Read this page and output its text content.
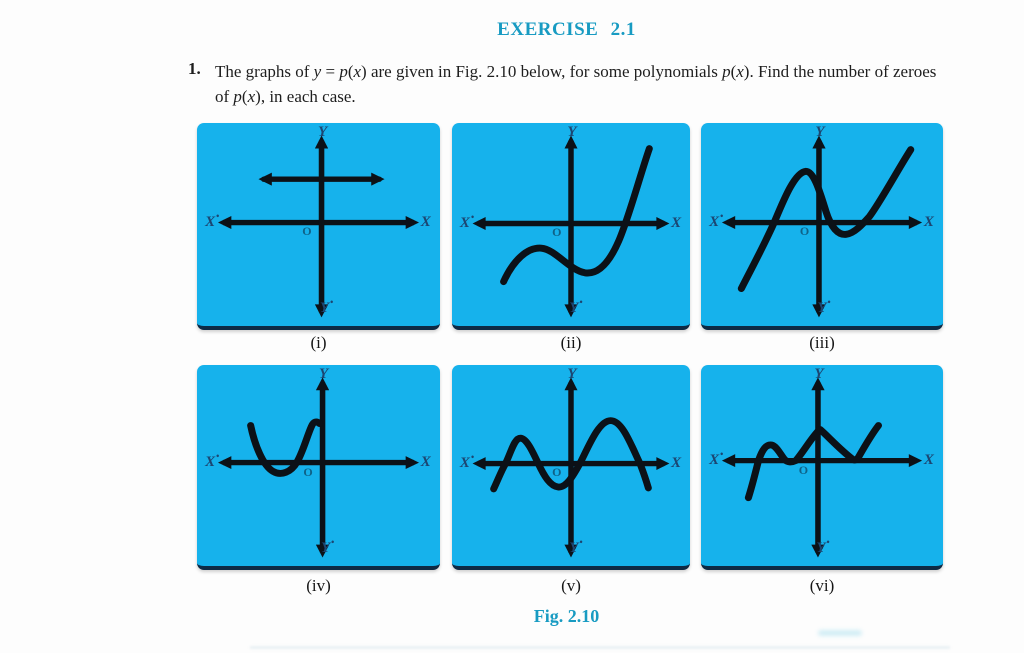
EXERCISE 2.1
1. The graphs of y = p(x) are given in Fig. 2.10 below, for some polynomials p(x). Find the number of zeroes of p(x), in each case.
Y
Y•
X•	X
O
Y
Y•
X•	X
O
Y
Y•
X•	X
O
Y
Y•
X•	X
O
Y
Y•
X•	X
O
Y
Y•
X•	X
O
(i)	(ii)	(iii)
(iv)	(v)	(vi)
Fig. 2.10
